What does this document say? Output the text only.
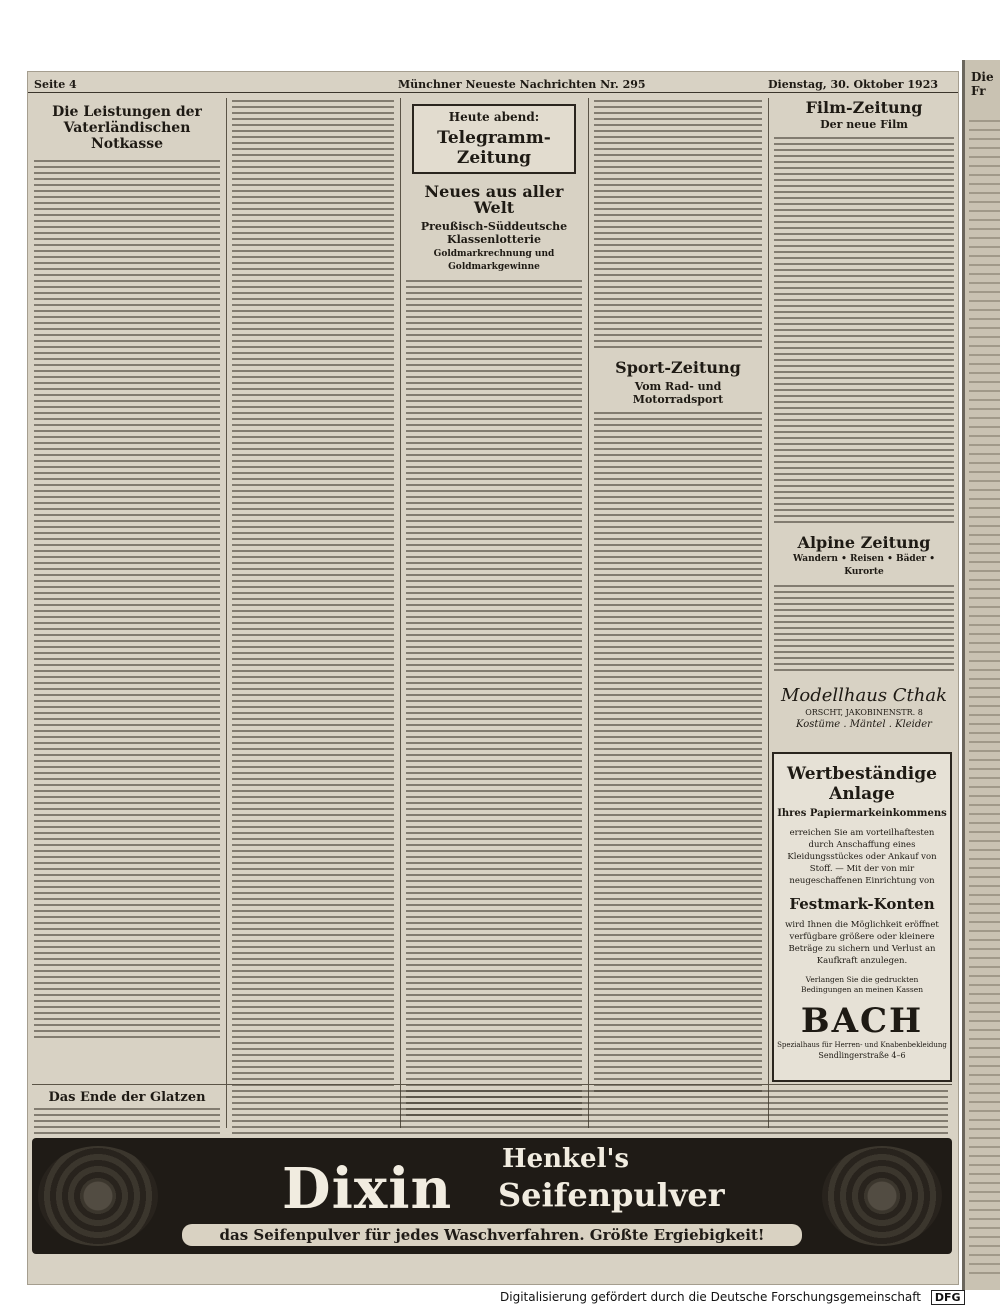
Seite 4	Münchner Neueste Nachrichten Nr. 295	Dienstag, 30. Oktober 1923
Die Leistungen der Vaterländischen Notkasse
Heute abend:
Telegramm-Zeitung
Neues aus aller Welt
Preußisch-Süddeutsche Klassenlotterie
Goldmarkrechnung und Goldmarkgewinne
Sport-Zeitung
Vom Rad- und Motorradsport
Film-Zeitung
Der neue Film
Alpine Zeitung
Wandern • Reisen • Bäder • Kurorte
Modellhaus Cthak
ORSCHT, JAKOBINENSTR. 8
Kostüme . Mäntel . Kleider
Wertbeständige
Anlage
Ihres Papiermarkeinkommens
erreichen Sie am vorteilhaftesten durch Anschaffung eines Kleidungsstückes oder Ankauf von Stoff. — Mit der von mir neugeschaffenen Einrichtung von
Festmark-Konten
wird Ihnen die Möglichkeit eröffnet verfügbare größere oder kleinere Beträge zu sichern und Verlust an Kaufkraft anzulegen.
Verlangen Sie die gedruckten Bedingungen an meinen Kassen
BACH
Spezialhaus für Herren- und Knabenbekleidung
Sendlingerstraße 4–6
Das Ende der Glatzen
Dixin Henkel's
Seifenpulver
das Seifenpulver für jedes Waschverfahren. Größte Ergiebigkeit!
Die Fr
Digitalisierung gefördert durch die Deutsche Forschungsgemeinschaft DFG
